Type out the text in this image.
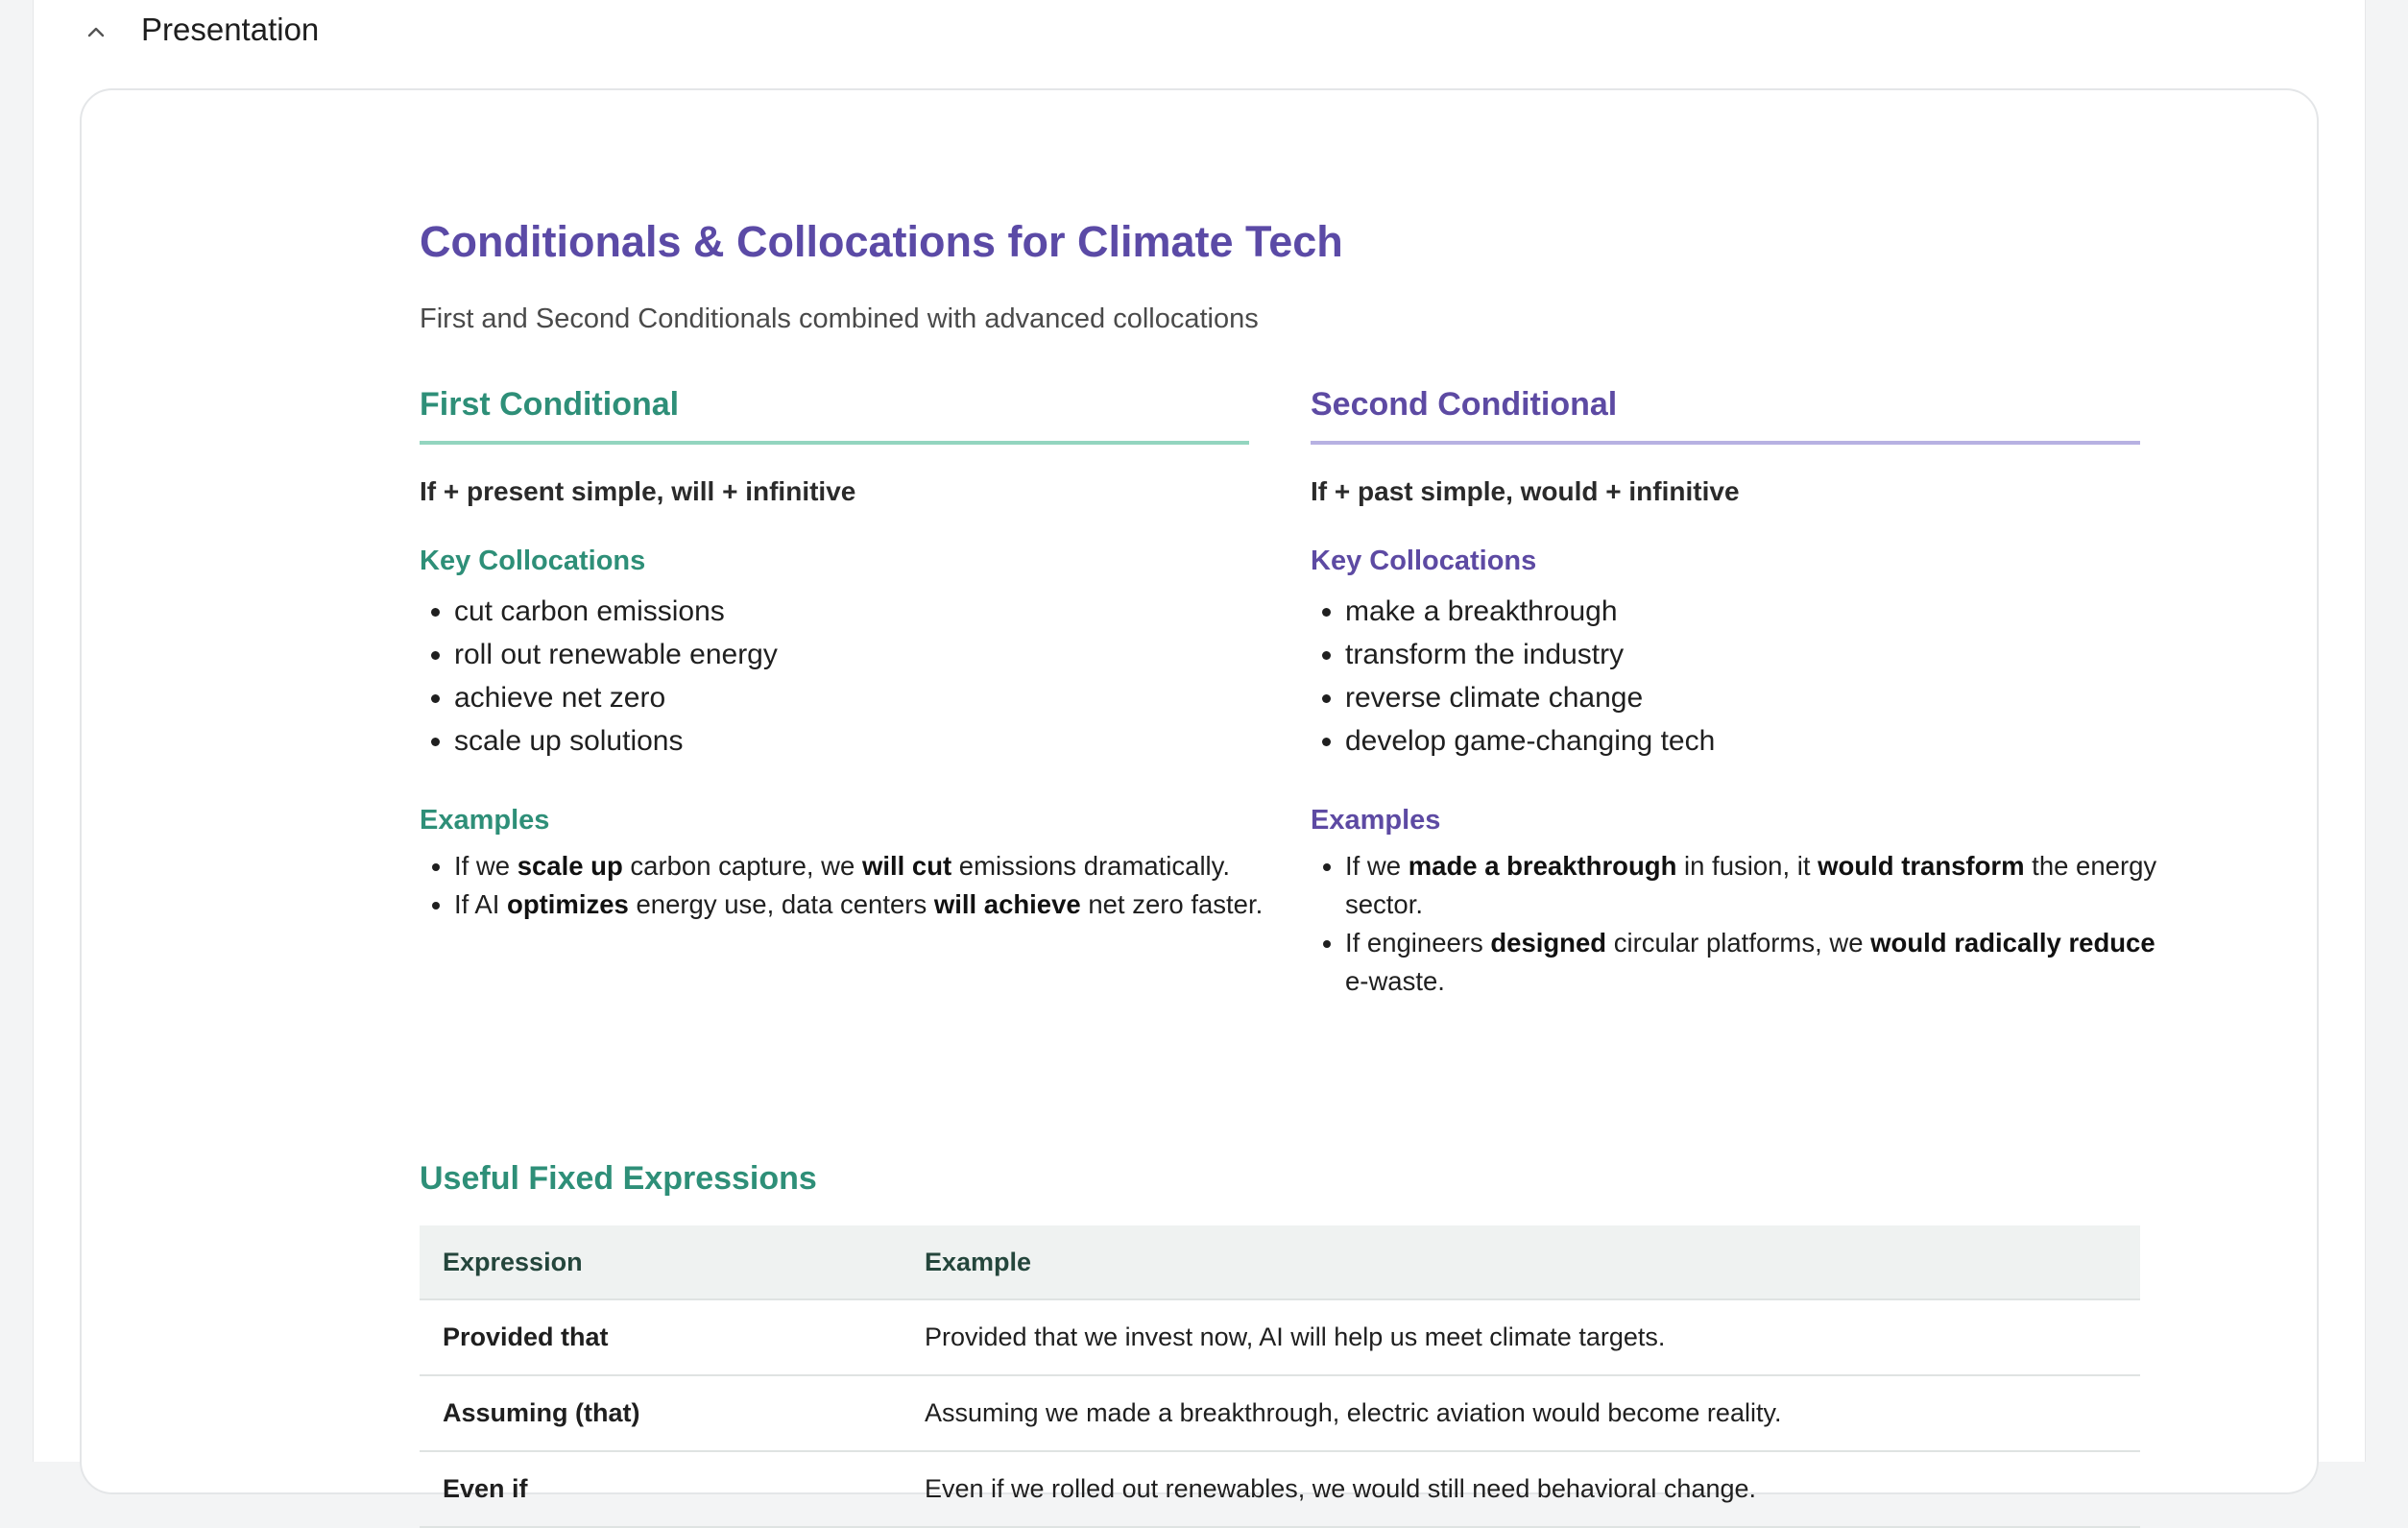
Presentation
Conditionals & Collocations for Climate Tech

First and Second Conditionals combined with advanced collocations

First Conditional
If + present simple, will + infinitive
Key Collocations
• cut carbon emissions
• roll out renewable energy
• achieve net zero
• scale up solutions
Examples
• If we scale up carbon capture, we will cut emissions dramatically.
• If AI optimizes energy use, data centers will achieve net zero faster.
Second Conditional
If + past simple, would + infinitive
Key Collocations
• make a breakthrough
• transform the industry
• reverse climate change
• develop game-changing tech
Examples
• If we made a breakthrough in fusion, it would transform the energy sector.
• If engineers designed circular platforms, we would radically reduce e-waste.
Useful Fixed Expressions
Expression	Example
Provided that	Provided that we invest now, AI will help us meet climate targets.
Assuming (that)	Assuming we made a breakthrough, electric aviation would become reality.
Even if	Even if we rolled out renewables, we would still need behavioral change.
